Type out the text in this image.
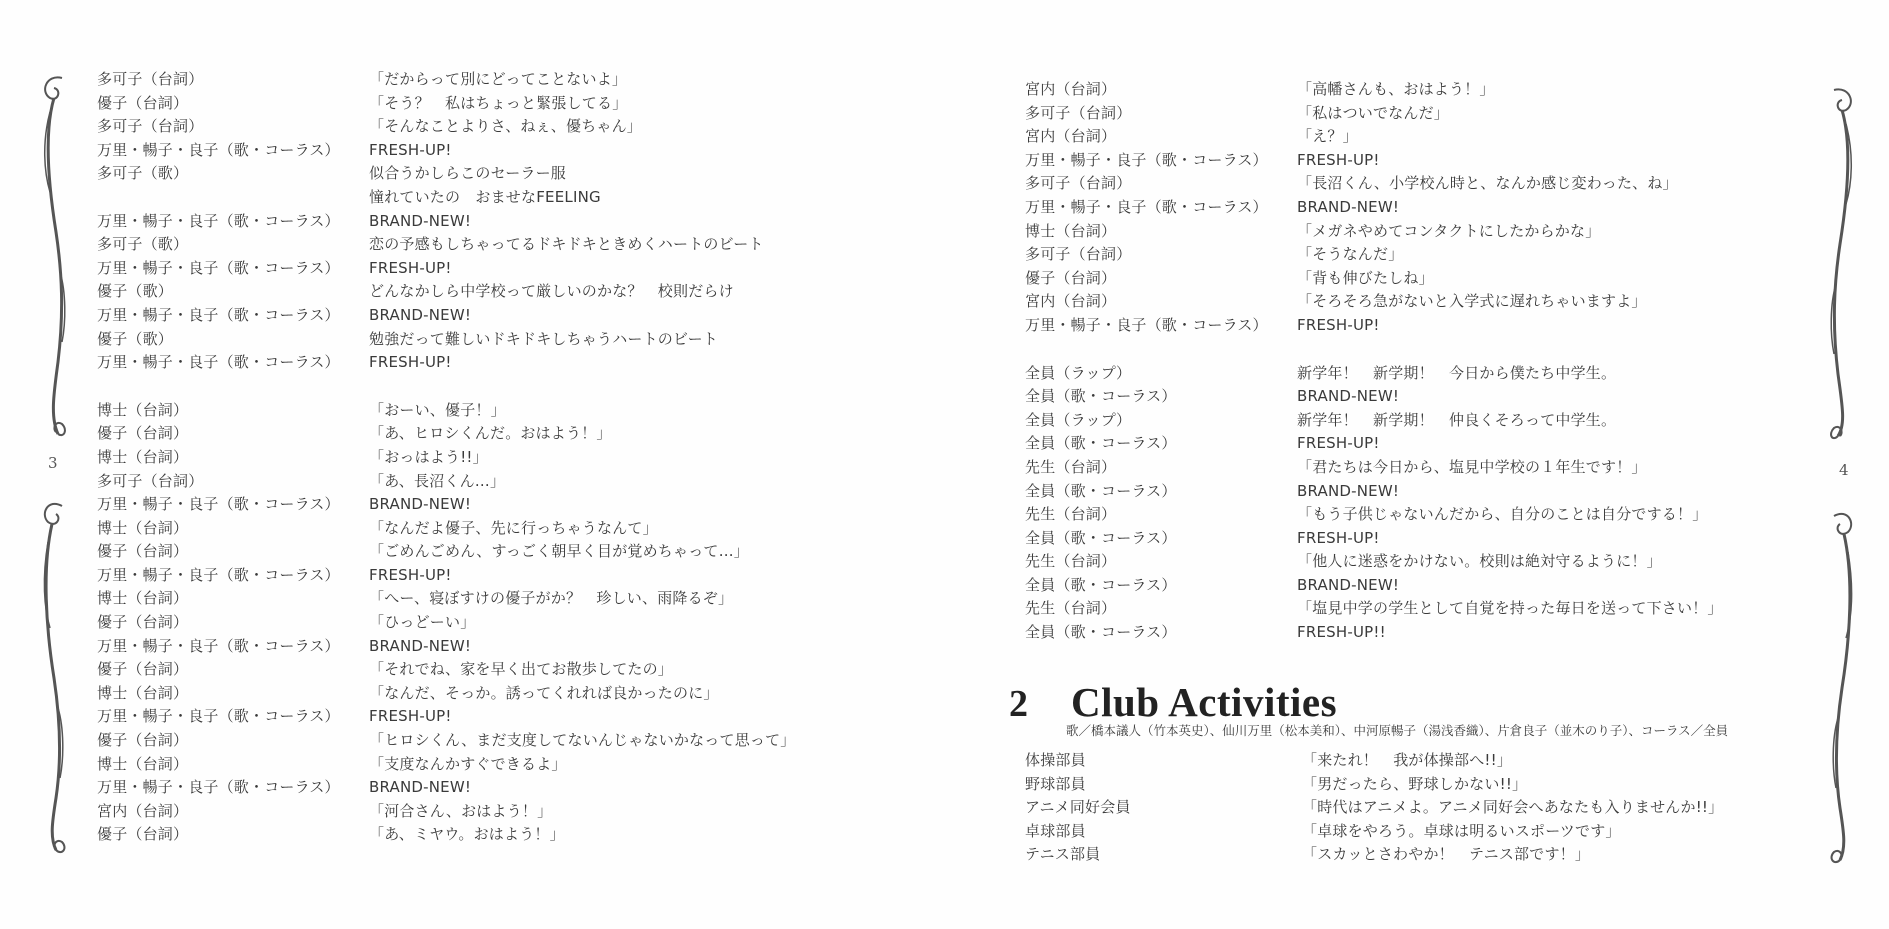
多可子（台詞）	「だからって別にどってことないよ」
優子（台詞）	「そう？　私はちょっと緊張してる」
多可子（台詞）	「そんなことよりさ、ねぇ、優ちゃん」
万里・暢子・良子（歌・コーラス）	FRESH-UP!
多可子（歌）	似合うかしらこのセーラー服
憧れていたの　おませなFEELING
万里・暢子・良子（歌・コーラス）	BRAND-NEW!
多可子（歌）	恋の予感もしちゃってるドキドキときめくハートのビート
万里・暢子・良子（歌・コーラス）	FRESH-UP!
優子（歌）	どんなかしら中学校って厳しいのかな？　校則だらけ
万里・暢子・良子（歌・コーラス）	BRAND-NEW!
優子（歌）	勉強だって難しいドキドキしちゃうハートのビート
万里・暢子・良子（歌・コーラス）	FRESH-UP!
博士（台詞）	「おーい、優子！」
優子（台詞）	「あ、ヒロシくんだ。おはよう！」
博士（台詞）	「おっはよう!!」
多可子（台詞）	「あ、長沼くん…」
万里・暢子・良子（歌・コーラス）	BRAND-NEW!
博士（台詞）	「なんだよ優子、先に行っちゃうなんて」
優子（台詞）	「ごめんごめん、すっごく朝早く目が覚めちゃって…」
万里・暢子・良子（歌・コーラス）	FRESH-UP!
博士（台詞）	「へー、寝ぼすけの優子がか？　珍しい、雨降るぞ」
優子（台詞）	「ひっどーい」
万里・暢子・良子（歌・コーラス）	BRAND-NEW!
優子（台詞）	「それでね、家を早く出てお散歩してたの」
博士（台詞）	「なんだ、そっか。誘ってくれれば良かったのに」
万里・暢子・良子（歌・コーラス）	FRESH-UP!
優子（台詞）	「ヒロシくん、まだ支度してないんじゃないかなって思って」
博士（台詞）	「支度なんかすぐできるよ」
万里・暢子・良子（歌・コーラス）	BRAND-NEW!
宮内（台詞）	「河合さん、おはよう！」
優子（台詞）	「あ、ミヤウ。おはよう！」
3	4
宮内（台詞）	「高幡さんも、おはよう！」
多可子（台詞）	「私はついでなんだ」
宮内（台詞）	「え？」
万里・暢子・良子（歌・コーラス）	FRESH-UP!
多可子（台詞）	「長沼くん、小学校ん時と、なんか感じ変わった、ね」
万里・暢子・良子（歌・コーラス）	BRAND-NEW!
博士（台詞）	「メガネやめてコンタクトにしたからかな」
多可子（台詞）	「そうなんだ」
優子（台詞）	「背も伸びたしね」
宮内（台詞）	「そろそろ急がないと入学式に遅れちゃいますよ」
万里・暢子・良子（歌・コーラス）	FRESH-UP!
全員（ラップ）	新学年！　新学期！　今日から僕たち中学生。
全員（歌・コーラス）	BRAND-NEW!
全員（ラップ）	新学年！　新学期！　仲良くそろって中学生。
全員（歌・コーラス）	FRESH-UP!
先生（台詞）	「君たちは今日から、塩見中学校の１年生です！」
全員（歌・コーラス）	BRAND-NEW!
先生（台詞）	「もう子供じゃないんだから、自分のことは自分でする！」
全員（歌・コーラス）	FRESH-UP!
先生（台詞）	「他人に迷惑をかけない。校則は絶対守るように！」
全員（歌・コーラス）	BRAND-NEW!
先生（台詞）	「塩見中学の学生として自覚を持った毎日を送って下さい！」
全員（歌・コーラス）	FRESH-UP!!
2	Club Activities
歌／橋本議人（竹本英史）、仙川万里（松本美和）、中河原暢子（湯浅香織）、片倉良子（並木のり子）、コーラス／全員
体操部員	「来たれ！　我が体操部へ!!」
野球部員	「男だったら、野球しかない!!」
アニメ同好会員	「時代はアニメよ。アニメ同好会へあなたも入りませんか!!」
卓球部員	「卓球をやろう。卓球は明るいスポーツです」
テニス部員	「スカッとさわやか！　テニス部です！」
